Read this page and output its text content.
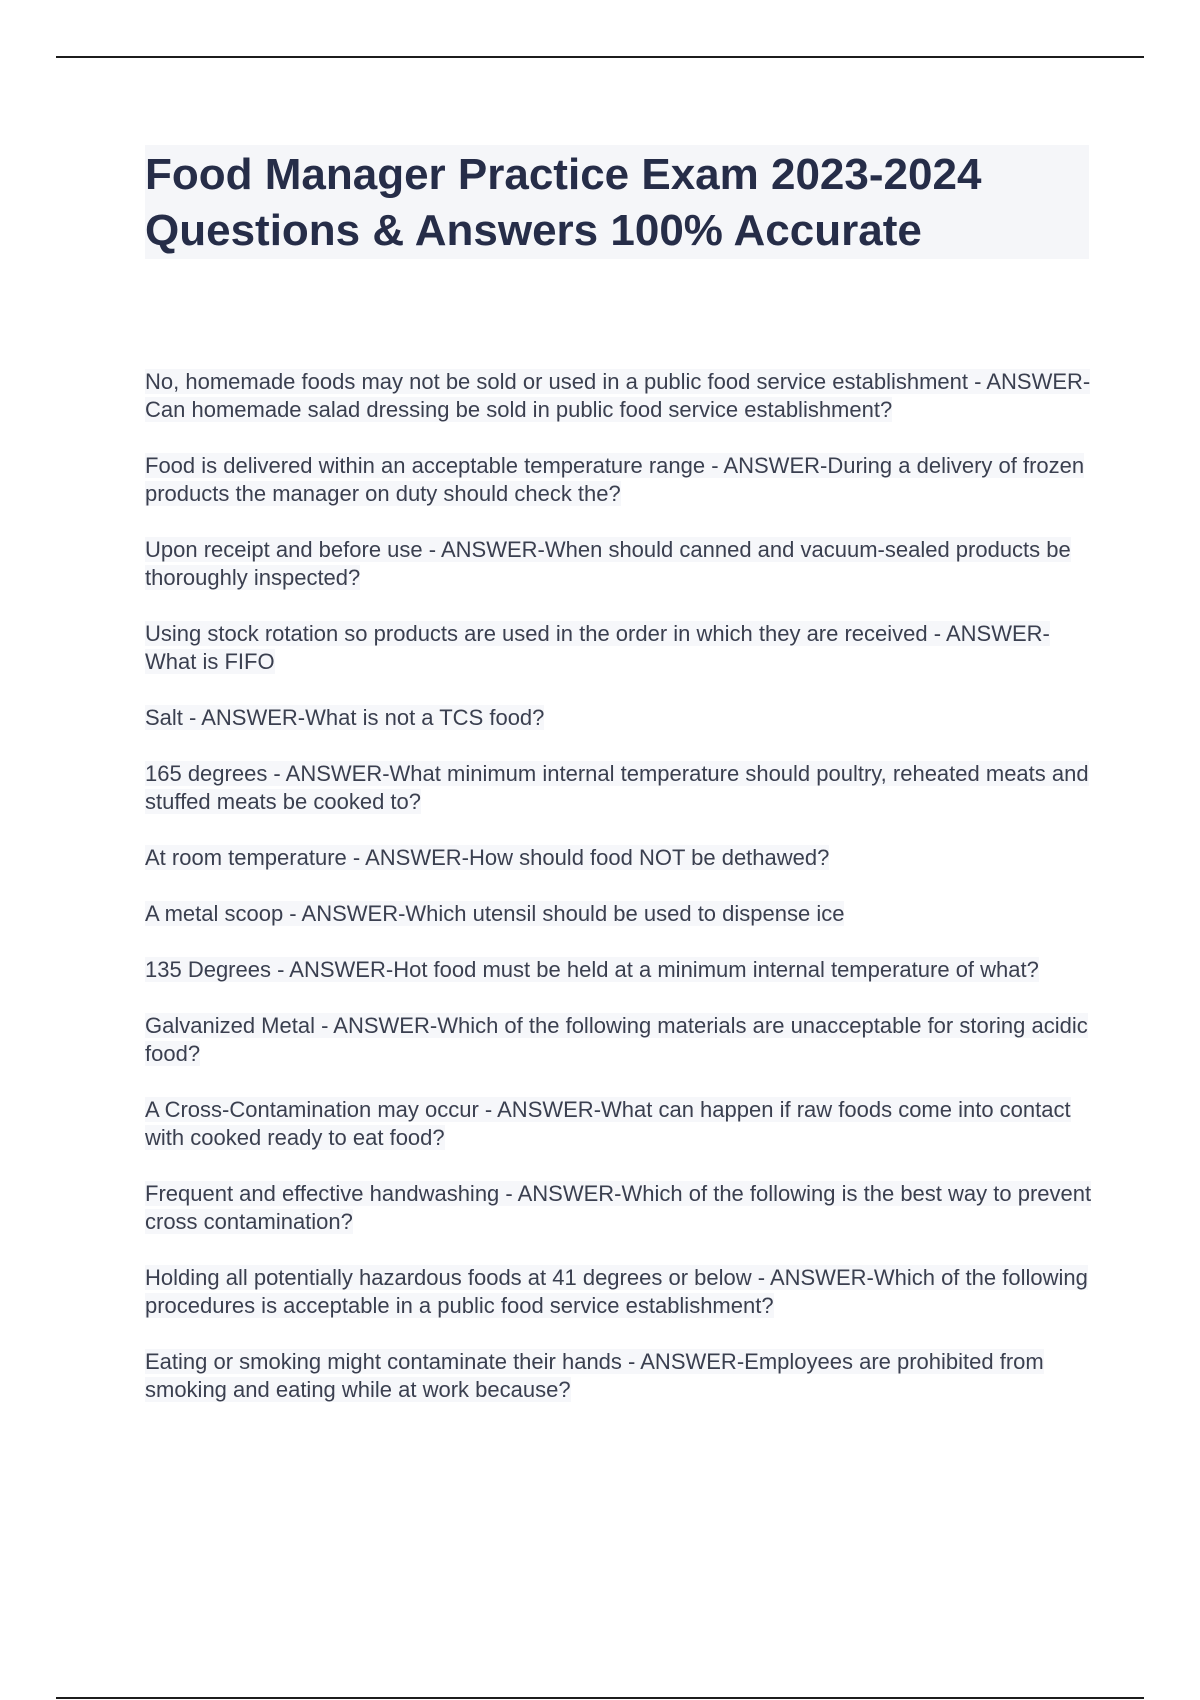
Food Manager Practice Exam 2023-2024
Questions & Answers 100% Accurate

No, homemade foods may not be sold or used in a public food service establishment - ANSWER-Can homemade salad dressing be sold in public food service establishment?

Food is delivered within an acceptable temperature range - ANSWER-During a delivery of frozen products the manager on duty should check the?

Upon receipt and before use - ANSWER-When should canned and vacuum-sealed products be thoroughly inspected?

Using stock rotation so products are used in the order in which they are received - ANSWER-What is FIFO

Salt - ANSWER-What is not a TCS food?

165 degrees - ANSWER-What minimum internal temperature should poultry, reheated meats and stuffed meats be cooked to?

At room temperature - ANSWER-How should food NOT be dethawed?

A metal scoop - ANSWER-Which utensil should be used to dispense ice

135 Degrees - ANSWER-Hot food must be held at a minimum internal temperature of what?

Galvanized Metal - ANSWER-Which of the following materials are unacceptable for storing acidic food?

A Cross-Contamination may occur - ANSWER-What can happen if raw foods come into contact with cooked ready to eat food?

Frequent and effective handwashing - ANSWER-Which of the following is the best way to prevent cross contamination?

Holding all potentially hazardous foods at 41 degrees or below - ANSWER-Which of the following procedures is acceptable in a public food service establishment?

Eating or smoking might contaminate their hands - ANSWER-Employees are prohibited from smoking and eating while at work because?
